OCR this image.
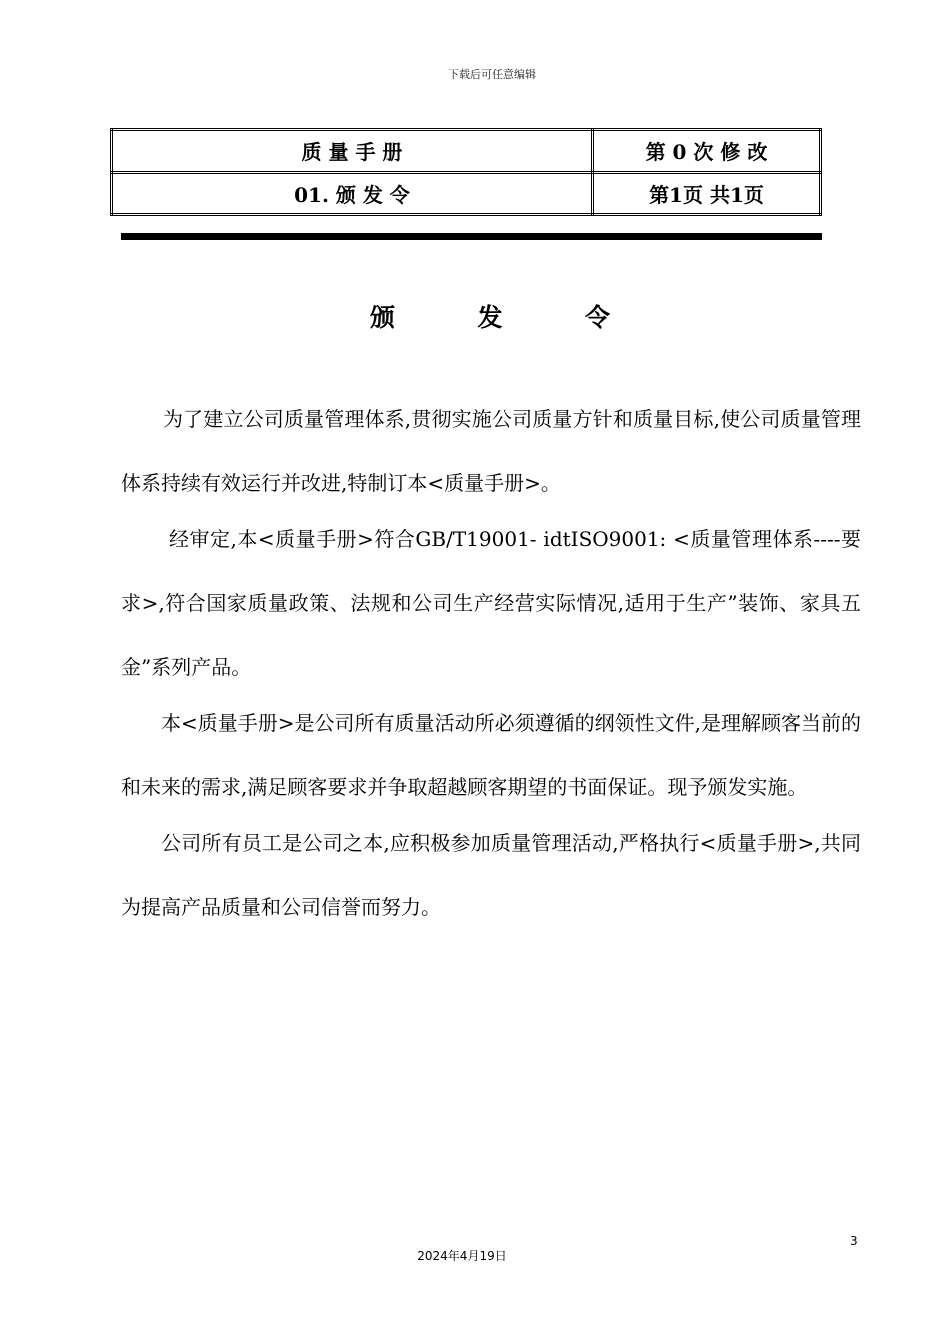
下载后可任意编辑
质 量 手 册	第 0 次 修 改
01. 颁 发 令	第1页 共1页
颁	发	令

为了建立公司质量管理体系,贯彻实施公司质量方针和质量目标,使公司质量管理体系持续有效运行并改进,特制订本<质量手册>。

经审定,本<质量手册>符合GB/T19001- idtISO9001: <质量管理体系----要求>,符合国家质量政策、法规和公司生产经营实际情况,适用于生产”装饰、家具五金”系列产品。

本<质量手册>是公司所有质量活动所必须遵循的纲领性文件,是理解顾客当前的和未来的需求,满足顾客要求并争取超越顾客期望的书面保证。现予颁发实施。

公司所有员工是公司之本,应积极参加质量管理活动,严格执行<质量手册>,共同为提高产品质量和公司信誉而努力。

3
2024年4月19日
